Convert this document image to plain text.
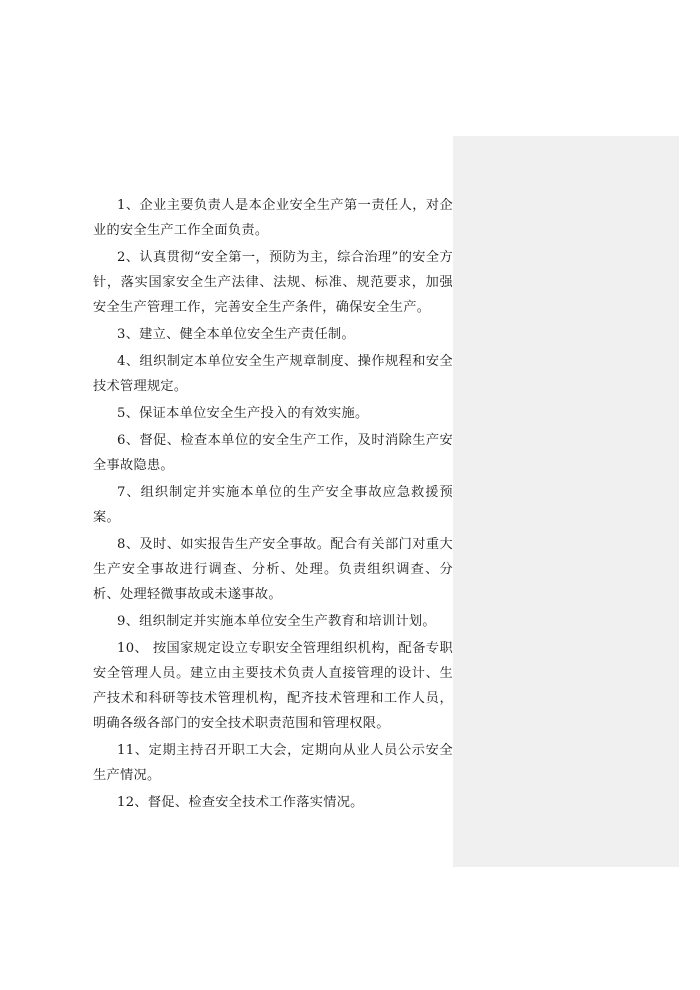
1、企业主要负责人是本企业安全生产第一责任人，对企业的安全生产工作全面负责。
2、认真贯彻“安全第一，预防为主，综合治理”的安全方针，落实国家安全生产法律、法规、标准、规范要求，加强安全生产管理工作，完善安全生产条件，确保安全生产。
3、建立、健全本单位安全生产责任制。
4、组织制定本单位安全生产规章制度、操作规程和安全技术管理规定。
5、保证本单位安全生产投入的有效实施。
6、督促、检查本单位的安全生产工作，及时消除生产安全事故隐患。
7、组织制定并实施本单位的生产安全事故应急救援预案。
8、及时、如实报告生产安全事故。配合有关部门对重大生产安全事故进行调查、分析、处理。负责组织调查、分析、处理轻微事故或未遂事故。
9、组织制定并实施本单位安全生产教育和培训计划。
10、 按国家规定设立专职安全管理组织机构，配备专职安全管理人员。建立由主要技术负责人直接管理的设计、生产技术和科研等技术管理机构，配齐技术管理和工作人员，明确各级各部门的安全技术职责范围和管理权限。
11、定期主持召开职工大会，定期向从业人员公示安全生产情况。
12、督促、检查安全技术工作落实情况。
